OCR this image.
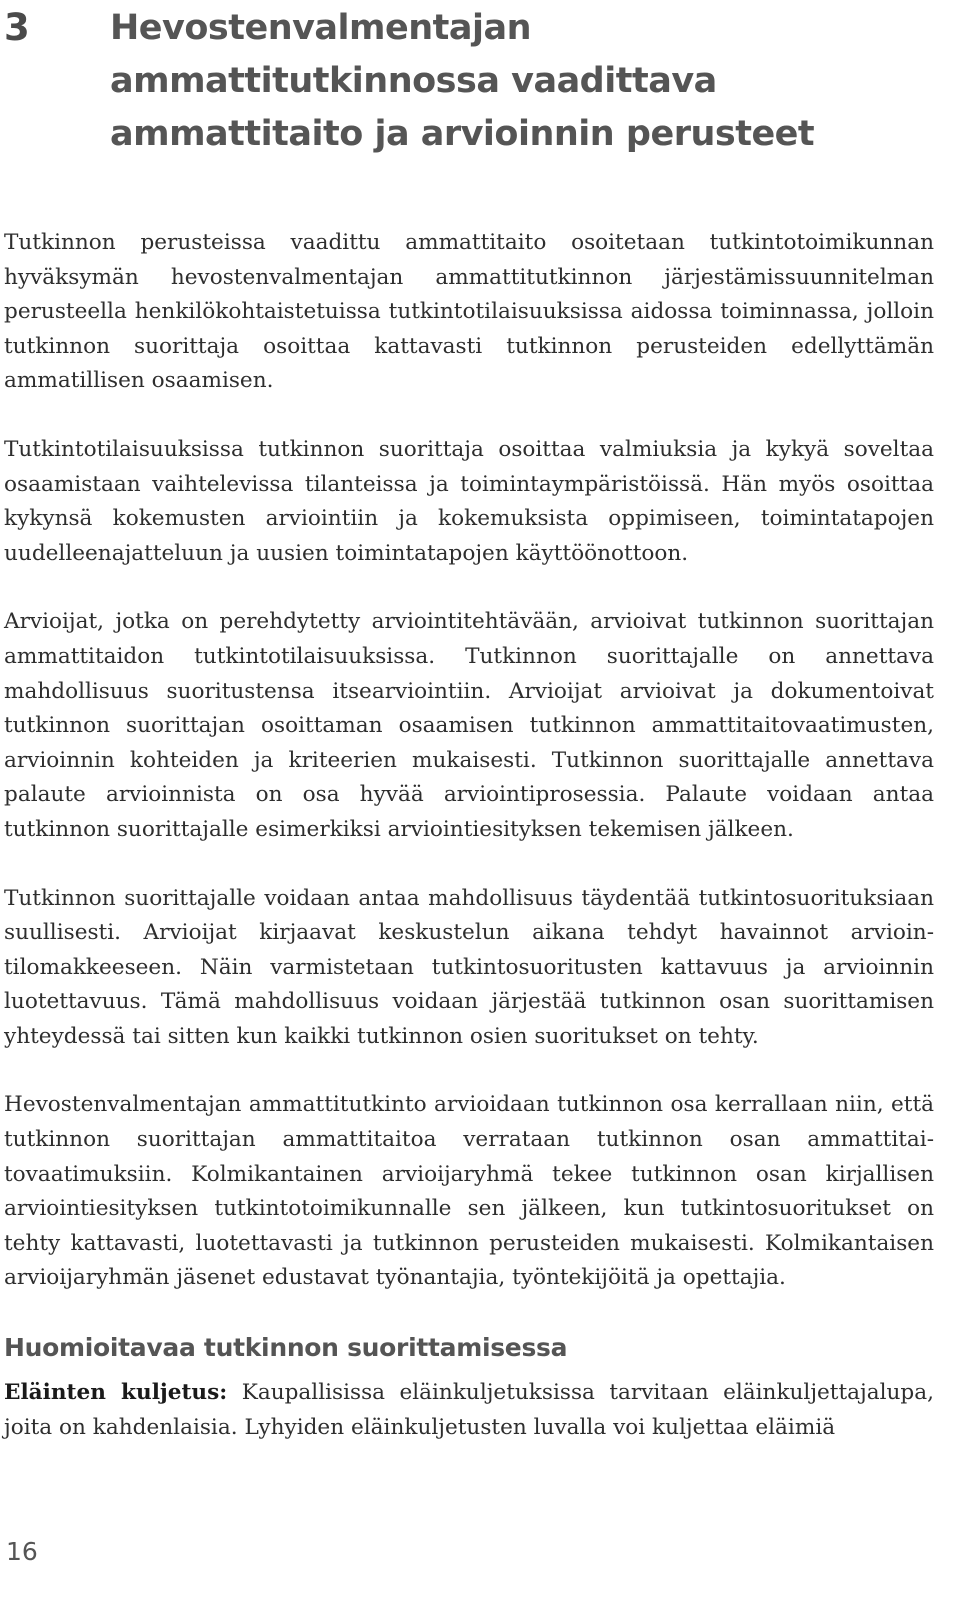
3 Hevostenvalmentajan ammattitutkinnossa vaadittava ammattitaito ja arvioinnin perusteet

Tutkinnon perusteissa vaadittu ammattitaito osoitetaan tutkintotoimikunnan hyväksymän hevostenvalmentajan ammattitutkinnon järjestämissuunnitelman perusteella henkilökohtaistetuissa tutkintotilaisuuksissa aidossa toiminnassa, jolloin tutkinnon suorittaja osoittaa kattavasti tutkinnon perusteiden edellyttämän ammatillisen osaamisen.

Tutkintotilaisuuksissa tutkinnon suorittaja osoittaa valmiuksia ja kykyä soveltaa osaamistaan vaihtelevissa tilanteissa ja toimintaympäristöissä. Hän myös osoittaa kykynsä kokemusten arviointiin ja kokemuksista oppimiseen, toimintatapojen uudelleenajatteluun ja uusien toimintatapojen käyttöönottoon.

Arvioijat, jotka on perehdytetty arviointitehtävään, arvioivat tutkinnon suorittajan ammattitaidon tutkintotilaisuuksissa. Tutkinnon suorittajalle on annettava mahdollisuus suoritustensa itsearviointiin. Arvioijat arvioivat ja dokumentoivat tutkinnon suorittajan osoittaman osaamisen tutkinnon ammattitaitovaatimusten, arvioinnin kohteiden ja kriteerien mukaisesti. Tutkinnon suorittajalle annettava palaute arvioinnista on osa hyvää arviointiprosessia. Palaute voidaan antaa tutkinnon suorittajalle esimerkiksi arviointiesityksen tekemisen jälkeen.

Tutkinnon suorittajalle voidaan antaa mahdollisuus täydentää tutkintosuorituksiaan suullisesti. Arvioijat kirjaavat keskustelun aikana tehdyt havainnot arviointilomakkeeseen. Näin varmistetaan tutkintosuoritusten kattavuus ja arvioinnin luotettavuus. Tämä mahdollisuus voidaan järjestää tutkinnon osan suorittamisen yhteydessä tai sitten kun kaikki tutkinnon osien suoritukset on tehty.

Hevostenvalmentajan ammattitutkinto arvioidaan tutkinnon osa kerrallaan niin, että tutkinnon suorittajan ammattitaitoa verrataan tutkinnon osan ammattitaitovaatimuksiin. Kolmikantainen arvioijaryhmä tekee tutkinnon osan kirjallisen arviointiesityksen tutkintotoimikunnalle sen jälkeen, kun tutkintosuoritukset on tehty kattavasti, luotettavasti ja tutkinnon perusteiden mukaisesti. Kolmikantaisen arvioijaryhmän jäsenet edustavat työnantajia, työntekijöitä ja opettajia.

Huomioitavaa tutkinnon suorittamisessa
Eläinten kuljetus: Kaupallisissa eläinkuljetuksissa tarvitaan eläinkuljettajalupa, joita on kahdenlaisia. Lyhyiden eläinkuljetusten luvalla voi kuljettaa eläimiä
16
